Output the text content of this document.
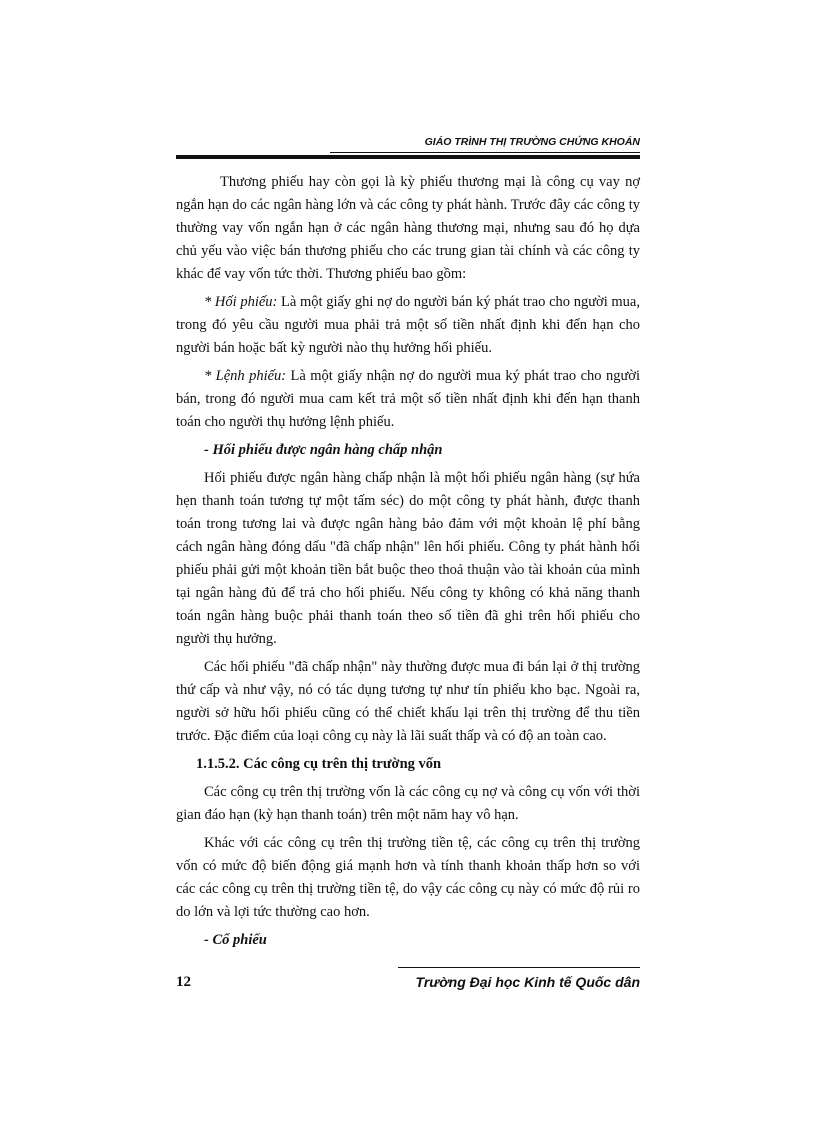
GIÁO TRÌNH THỊ TRƯỜNG CHỨNG KHOÁN

Thương phiếu hay còn gọi là kỳ phiếu thương mại là công cụ vay nợ ngắn hạn do các ngân hàng lớn và các công ty phát hành. Trước đây các công ty thường vay vốn ngắn hạn ở các ngân hàng thương mại, nhưng sau đó họ dựa chủ yếu vào việc bán thương phiếu cho các trung gian tài chính và các công ty khác để vay vốn tức thời. Thương phiếu bao gồm:

* Hối phiếu: Là một giấy ghi nợ do người bán ký phát trao cho người mua, trong đó yêu cầu người mua phải trả một số tiền nhất định khi đến hạn cho người bán hoặc bất kỳ người nào thụ hưởng hối phiếu.

* Lệnh phiếu: Là một giấy nhận nợ do người mua ký phát trao cho người bán, trong đó người mua cam kết trả một số tiền nhất định khi đến hạn thanh toán cho người thụ hưởng lệnh phiếu.

- Hối phiếu được ngân hàng chấp nhận

Hối phiếu được ngân hàng chấp nhận là một hối phiếu ngân hàng (sự hứa hẹn thanh toán tương tự một tấm séc) do một công ty phát hành, được thanh toán trong tương lai và được ngân hàng bảo đảm với một khoản lệ phí bằng cách ngân hàng đóng dấu "đã chấp nhận" lên hối phiếu. Công ty phát hành hối phiếu phải gửi một khoản tiền bắt buộc theo thoả thuận vào tài khoản của mình tại ngân hàng đủ để trả cho hối phiếu. Nếu công ty không có khả năng thanh toán ngân hàng buộc phải thanh toán theo số tiền đã ghi trên hối phiếu cho người thụ hưởng.

Các hối phiếu "đã chấp nhận" này thường được mua đi bán lại ở thị trường thứ cấp và như vậy, nó có tác dụng tương tự như tín phiếu kho bạc. Ngoài ra, người sở hữu hối phiếu cũng có thể chiết khấu lại trên thị trường để thu tiền trước. Đặc điểm của loại công cụ này là lãi suất thấp và có độ an toàn cao.

1.1.5.2. Các công cụ trên thị trường vốn

Các công cụ trên thị trường vốn là các công cụ nợ và công cụ vốn với thời gian đáo hạn (kỳ hạn thanh toán) trên một năm hay vô hạn.

Khác với các công cụ trên thị trường tiền tệ, các công cụ trên thị trường vốn có mức độ biến động giá mạnh hơn và tính thanh khoản thấp hơn so với các các công cụ trên thị trường tiền tệ, do vậy các công cụ này có mức độ rủi ro do lớn và lợi tức thường cao hơn.

- Cổ phiếu

12	Trường Đại học Kinh tế Quốc dân
